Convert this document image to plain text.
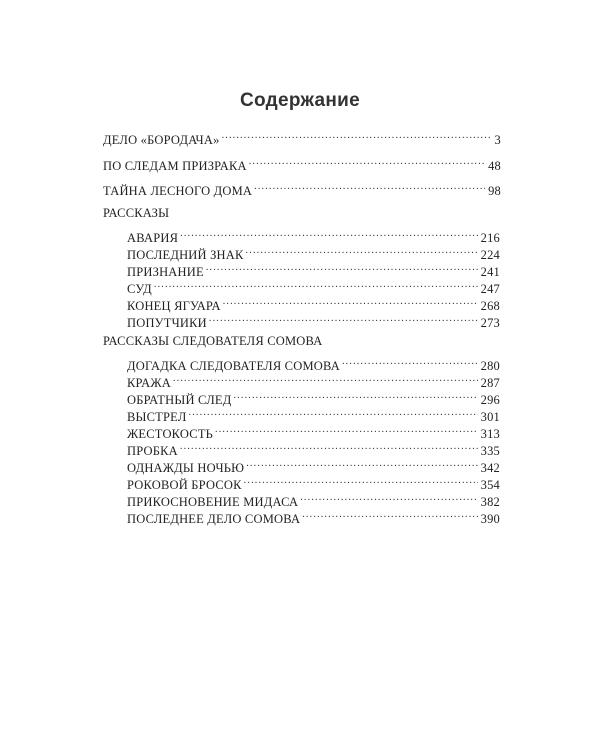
Содержание
ДЕЛО «БОРОДАЧА» .....	3
ПО СЛЕДАМ ПРИЗРАКА .....	48
ТАЙНА ЛЕСНОГО ДОМА .....	98
РАССКАЗЫ
АВАРИЯ .....	216
ПОСЛЕДНИЙ ЗНАК .....	224
ПРИЗНАНИЕ .....	241
СУД .....	247
КОНЕЦ ЯГУАРА .....	268
ПОПУТЧИКИ .....	273
РАССКАЗЫ СЛЕДОВАТЕЛЯ СОМОВА
ДОГАДКА СЛЕДОВАТЕЛЯ СОМОВА .....	280
КРАЖА .....	287
ОБРАТНЫЙ СЛЕД .....	296
ВЫСТРЕЛ .....	301
ЖЕСТОКОСТЬ .....	313
ПРОБКА .....	335
ОДНАЖДЫ НОЧЬЮ .....	342
РОКОВОЙ БРОСОК .....	354
ПРИКОСНОВЕНИЕ МИДАСА .....	382
ПОСЛЕДНЕЕ ДЕЛО СОМОВА .....	390
